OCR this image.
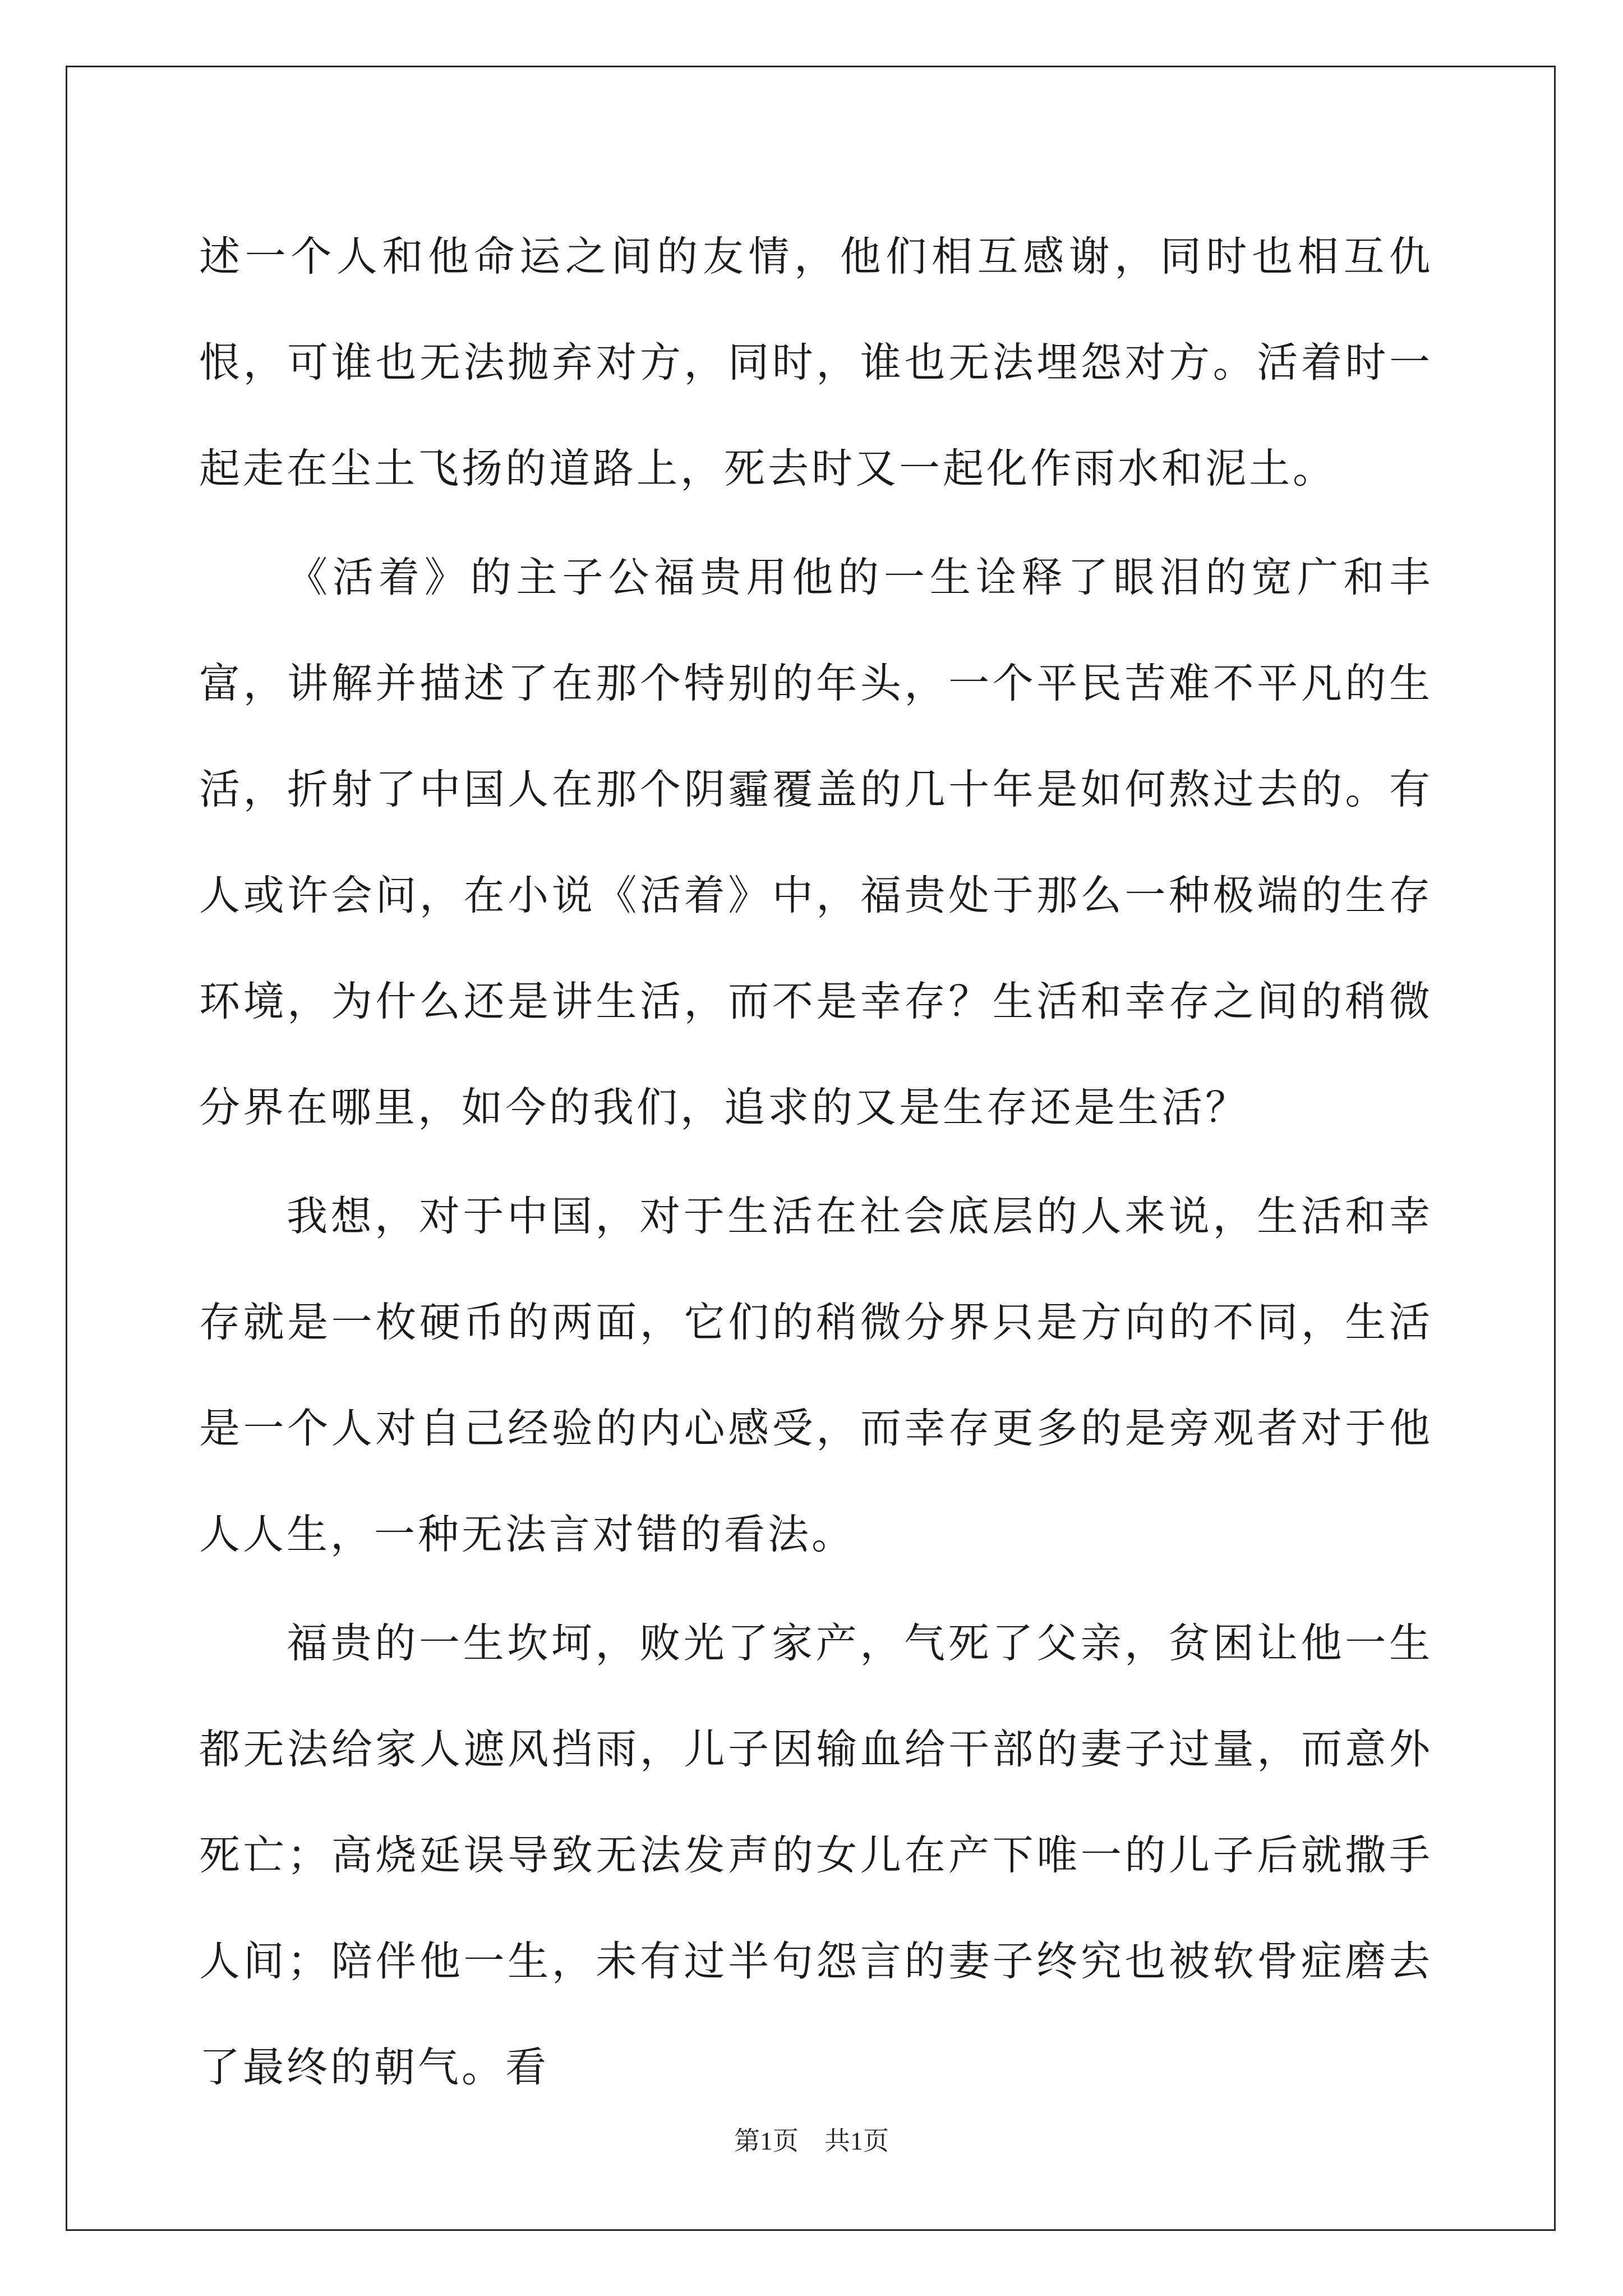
述一个人和他命运之间的友情，他们相互感谢，同时也相互仇恨，可谁也无法抛弃对方，同时，谁也无法埋怨对方。活着时一起走在尘土飞扬的道路上，死去时又一起化作雨水和泥土。

《活着》的主子公福贵用他的一生诠释了眼泪的宽广和丰富，讲解并描述了在那个特别的年头，一个平民苦难不平凡的生活，折射了中国人在那个阴霾覆盖的几十年是如何熬过去的。有人或许会问，在小说《活着》中，福贵处于那么一种极端的生存环境，为什么还是讲生活，而不是幸存？生活和幸存之间的稍微分界在哪里，如今的我们，追求的又是生存还是生活？

我想，对于中国，对于生活在社会底层的人来说，生活和幸存就是一枚硬币的两面，它们的稍微分界只是方向的不同，生活是一个人对自己经验的内心感受，而幸存更多的是旁观者对于他人人生，一种无法言对错的看法。

福贵的一生坎坷，败光了家产，气死了父亲，贫困让他一生都无法给家人遮风挡雨，儿子因输血给干部的妻子过量，而意外死亡；高烧延误导致无法发声的女儿在产下唯一的儿子后就撒手人间；陪伴他一生，未有过半句怨言的妻子终究也被软骨症磨去了最终的朝气。看

第1页　共1页
